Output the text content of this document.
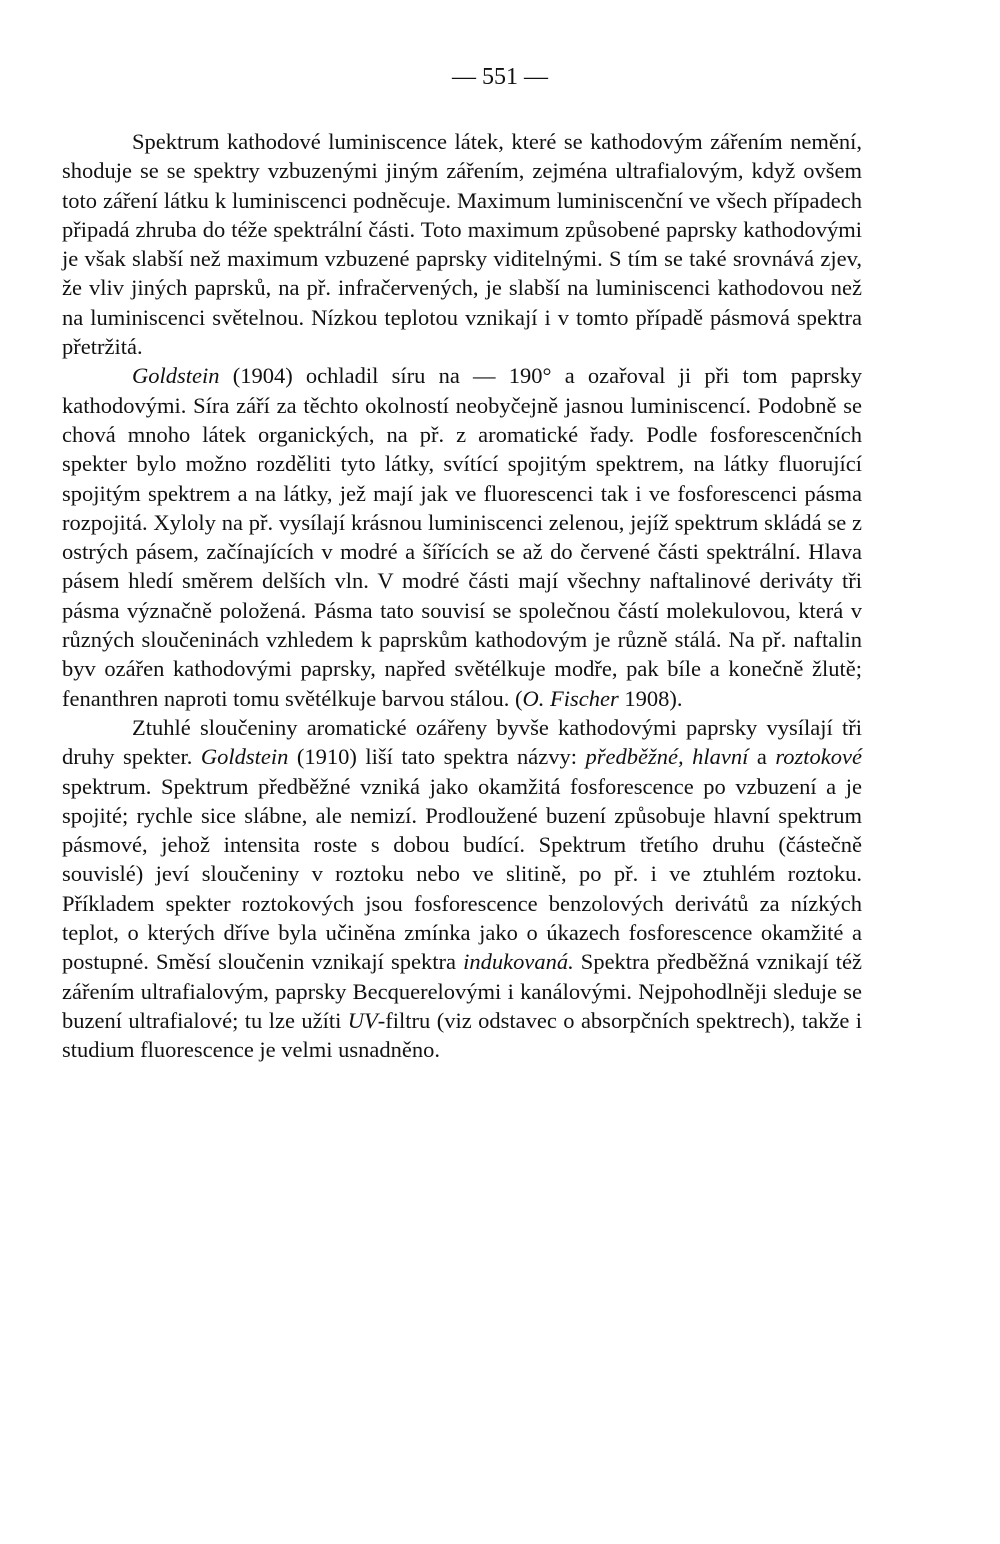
— 551 —

Spektrum kathodové luminiscence látek, které se kathodovým zářením nemění, shoduje se se spektry vzbuzenými jiným zářením, zejména ultrafialovým, když ovšem toto záření látku k luminiscenci podněcuje. Maximum luminiscenční ve všech případech připadá zhruba do téže spektrální části. Toto maximum způsobené paprsky kathodovými je však slabší než maximum vzbuzené paprsky viditelnými. S tím se také srovnává zjev, že vliv jiných paprsků, na př. infračervených, je slabší na luminiscenci kathodovou než na luminiscenci světelnou. Nízkou teplotou vznikají i v tomto případě pásmová spektra přetržitá.

Goldstein (1904) ochladil síru na — 190° a ozařoval ji při tom paprsky kathodovými. Síra září za těchto okolností neobyčejně jasnou luminiscencí. Podobně se chová mnoho látek organických, na př. z aromatické řady. Podle fosforescenčních spekter bylo možno rozděliti tyto látky, svítící spojitým spektrem, na látky fluorující spojitým spektrem a na látky, jež mají jak ve fluorescenci tak i ve fosforescenci pásma rozpojitá. Xyloly na př. vysílají krásnou luminiscenci zelenou, jejíž spektrum skládá se z ostrých pásem, začínajících v modré a šířících se až do červené části spektrální. Hlava pásem hledí směrem delších vln. V modré části mají všechny naftalinové deriváty tři pásma význačně položená. Pásma tato souvisí se společnou částí molekulovou, která v různých sloučeninách vzhledem k paprskům kathodovým je různě stálá. Na př. naftalin byv ozářen kathodovými paprsky, napřed světélkuje modře, pak bíle a konečně žlutě; fenanthren naproti tomu světélkuje barvou stálou. (O. Fischer 1908).

Ztuhlé sloučeniny aromatické ozářeny byvše kathodovými paprsky vysílají tři druhy spekter. Goldstein (1910) liší tato spektra názvy: předběžné, hlavní a roztokové spektrum. Spektrum předběžné vzniká jako okamžitá fosforescence po vzbuzení a je spojité; rychle sice slábne, ale nemizí. Prodloužené buzení způsobuje hlavní spektrum pásmové, jehož intensita roste s dobou budící. Spektrum třetího druhu (částečně souvislé) jeví sloučeniny v roztoku nebo ve slitině, po př. i ve ztuhlém roztoku. Příkladem spekter roztokových jsou fosforescence benzolových derivátů za nízkých teplot, o kterých dříve byla učiněna zmínka jako o úkazech fosforescence okamžité a postupné. Směsí sloučenin vznikají spektra indukovaná. Spektra předběžná vznikají též zářením ultrafialovým, paprsky Becquerelovými i kanálovými. Nejpohodlněji sleduje se buzení ultrafialové; tu lze užíti UV-filtru (viz odstavec o absorpčních spektrech), takže i studium fluorescence je velmi usnadněno.
